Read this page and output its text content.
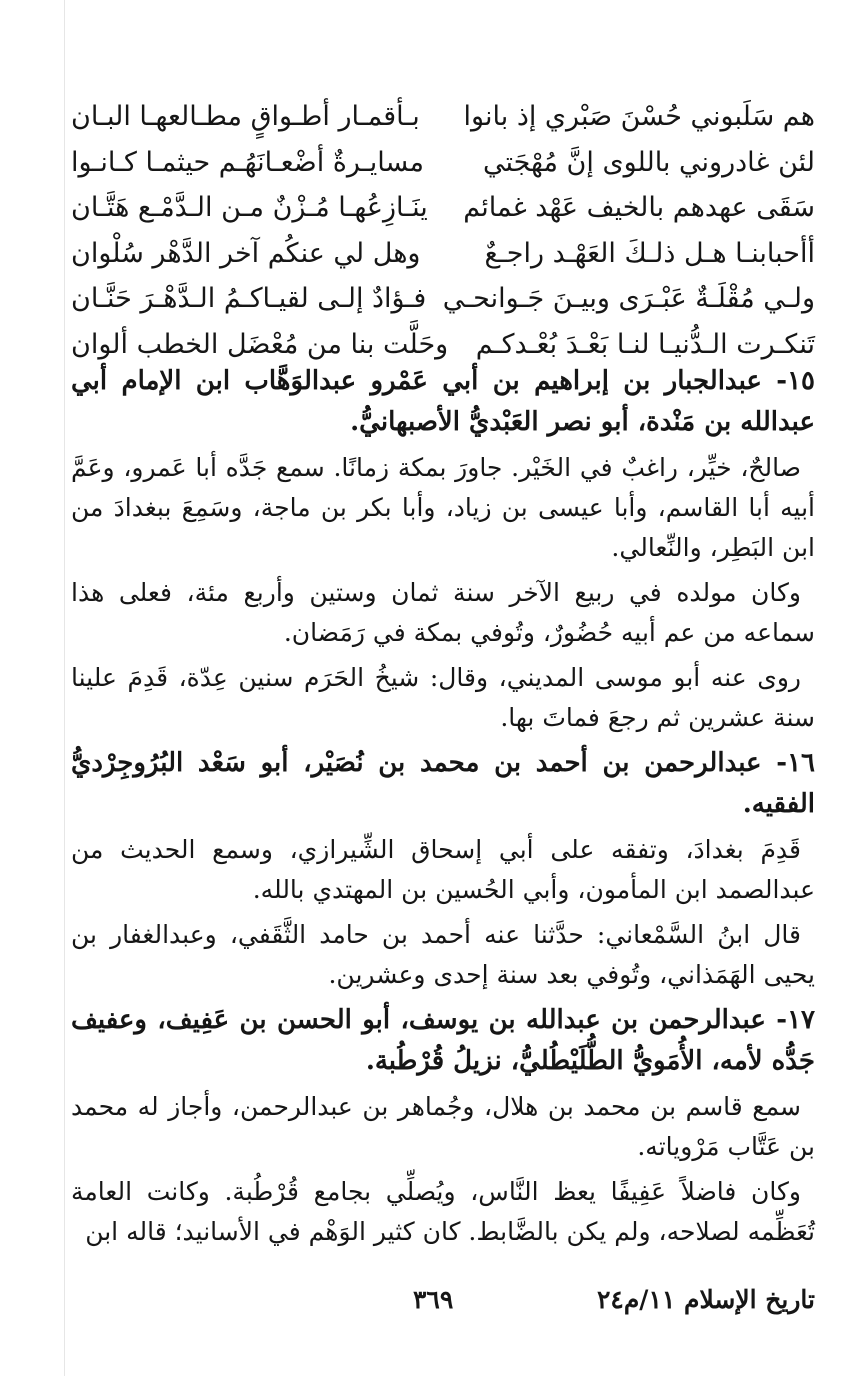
هم سَلَبوني حُسْنَ صَبْري إذ بانوا
بـأقمـار أطـواقٍ مطـالعهـا البـان
لئن غادروني باللوى إنَّ مُهْجَتي
مسايـرةٌ أضْعـانَهُـم حيثمـا كـانـوا
سَقَى عهدهم بالخيف عَهْد غمائم
ينَـازِعُهـا مُـزْنٌ مـن الـدَّمْـع هَتَّـان
أأحبابنـا هـل ذلـكَ العَهْـد راجـعٌ
وهل لي عنكُم آخر الدَّهْر سُلْوان
ولـي مُقْلَـةٌ عَبْـرَى وبيـنَ جَـوانحـي
فـؤادٌ إلـى لقيـاكـمُ الـدَّهْـرَ حَنَّـان
تَنكـرت الـدُّنيـا لنـا بَعْـدَ بُعْـدكـم
وحَلَّت بنا من مُعْضَل الخطب ألوان

١٥- عبدالجبار بن إبراهيم بن أبي عَمْرو عبدالوَهَّاب ابن الإمام أبي عبدالله بن مَنْدة، أبو نصر العَبْديُّ الأصبهانيُّ.

صالحٌ، خيِّر، راغبٌ في الخَيْر. جاورَ بمكة زمانًا. سمع جَدَّه أبا عَمرو، وعَمَّ أبيه أبا القاسم، وأبا عيسى بن زياد، وأبا بكر بن ماجة، وسَمِعَ ببغدادَ من ابن البَطِر، والنِّعالي.

وكان مولده في ربيع الآخر سنة ثمان وستين وأربع مئة، فعلى هذا سماعه من عم أبيه حُضُورٌ، وتُوفي بمكة في رَمَضان.

روى عنه أبو موسى المديني، وقال: شيخُ الحَرَم سنين عِدّة، قَدِمَ علينا سنة عشرين ثم رجعَ فماتَ بها.

١٦- عبدالرحمن بن أحمد بن محمد بن نُصَيْر، أبو سَعْد البُرُوجِرْديُّ الفقيه.

قَدِمَ بغدادَ، وتفقه على أبي إسحاق الشِّيرازي، وسمع الحديث من عبدالصمد ابن المأمون، وأبي الحُسين بن المهتدي بالله.

قال ابنُ السَّمْعاني: حدَّثنا عنه أحمد بن حامد الثَّقَفي، وعبدالغفار بن يحيى الهَمَذاني، وتُوفي بعد سنة إحدى وعشرين.

١٧- عبدالرحمن بن عبدالله بن يوسف، أبو الحسن بن عَفِيف، وعفيف جَدُّه لأمه، الأُمَويُّ الطُّلَيْطُليُّ، نزيلُ قُرْطُبة.

سمع قاسم بن محمد بن هلال، وجُماهر بن عبدالرحمن، وأجاز له محمد بن عَتَّاب مَرْوياته.

وكان فاضلاً عَفِيفًا يعظ النَّاس، ويُصلِّي بجامع قُرْطُبة. وكانت العامة تُعَظِّمه لصلاحه، ولم يكن بالضَّابط. كان كثير الوَهْم في الأسانيد؛ قاله ابن

تاريخ الإسلام ١١/م٢٤
٣٦٩
